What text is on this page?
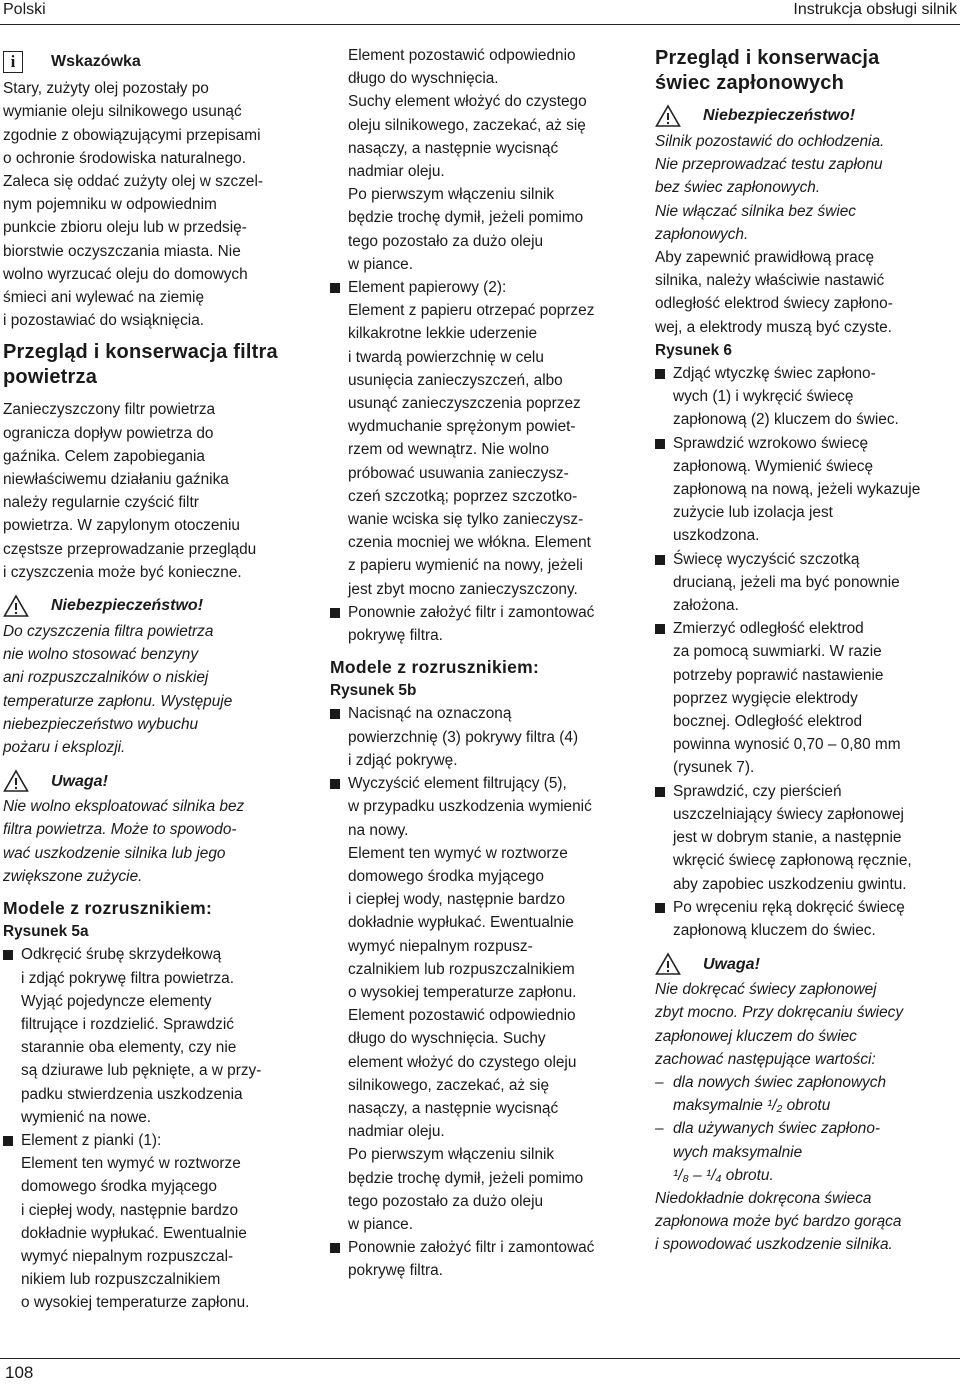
Polski	Instrukcja obsługi silnik
i	Wskazówka

Stary, zużyty olej pozostały po
wymianie oleju silnikowego usunąć
zgodnie z obowiązującymi przepisami
o ochronie środowiska naturalnego.
Zaleca się oddać zużyty olej w szczel-
nym pojemniku w odpowiednim
punkcie zbioru oleju lub w przedsię-
biorstwie oczyszczania miasta. Nie
wolno wyrzucać oleju do domowych
śmieci ani wylewać na ziemię
i pozostawiać do wsiąknięcia.

Przegląd i konserwacja filtra
powietrza

Zanieczyszczony filtr powietrza
ogranicza dopływ powietrza do
gaźnika. Celem zapobiegania
niewłaściwemu działaniu gaźnika
należy regularnie czyścić filtr
powietrza. W zapylonym otoczeniu
częstsze przeprowadzanie przeglądu
i czyszczenia może być konieczne.

Niebezpieczeństwo!

Do czyszczenia filtra powietrza
nie wolno stosować benzyny
ani rozpuszczalników o niskiej
temperaturze zapłonu. Występuje
niebezpieczeństwo wybuchu
pożaru i eksplozji.

Uwaga!

Nie wolno eksploatować silnika bez
filtra powietrza. Może to spowodo-
wać uszkodzenie silnika lub jego
zwiększone zużycie.

Modele z rozrusznikiem:

Rysunek 5a

Odkręcić śrubę skrzydełkową
i zdjąć pokrywę filtra powietrza.
Wyjąć pojedyncze elementy
filtrujące i rozdzielić. Sprawdzić
starannie oba elementy, czy nie
są dziurawe lub pęknięte, a w przy-
padku stwierdzenia uszkodzenia
wymienić na nowe.
Element z pianki (1):
Element ten wymyć w roztworze
domowego środka myjącego
i ciepłej wody, następnie bardzo
dokładnie wypłukać. Ewentualnie
wymyć niepalnym rozpuszczal-
nikiem lub rozpuszczalnikiem
o wysokiej temperaturze zapłonu.

Element pozostawić odpowiednio
długo do wyschnięcia.
Suchy element włożyć do czystego
oleju silnikowego, zaczekać, aż się
nasączy, a następnie wycisnąć
nadmiar oleju.
Po pierwszym włączeniu silnik
będzie trochę dymił, jeżeli pomimo
tego pozostało za dużo oleju
w piance.

Element papierowy (2):
Element z papieru otrzepać poprzez
kilkakrotne lekkie uderzenie
i twardą powierzchnię w celu
usunięcia zanieczyszczeń, albo
usunąć zanieczyszczenia poprzez
wydmuchanie sprężonym powiet-
rzem od wewnątrz. Nie wolno
próbować usuwania zanieczysz-
czeń szczotką; poprzez szczotko-
wanie wciska się tylko zanieczysz-
czenia mocniej we włókna. Element
z papieru wymienić na nowy, jeżeli
jest zbyt mocno zanieczyszczony.
Ponownie założyć filtr i zamontować
pokrywę filtra.
Modele z rozrusznikiem:

Rysunek 5b

Nacisnąć na oznaczoną
powierzchnię (3) pokrywy filtra (4)
i zdjąć pokrywę.
Wyczyścić element filtrujący (5),
w przypadku uszkodzenia wymienić
na nowy.
Element ten wymyć w roztworze
domowego środka myjącego
i ciepłej wody, następnie bardzo
dokładnie wypłukać. Ewentualnie
wymyć niepalnym rozpusz-
czalnikiem lub rozpuszczalnikiem
o wysokiej temperaturze zapłonu.
Element pozostawić odpowiednio
długo do wyschnięcia. Suchy
element włożyć do czystego oleju
silnikowego, zaczekać, aż się
nasączy, a następnie wycisnąć
nadmiar oleju.
Po pierwszym włączeniu silnik
będzie trochę dymił, jeżeli pomimo
tego pozostało za dużo oleju
w piance.
Ponownie założyć filtr i zamontować
pokrywę filtra.
Przegląd i konserwacja
świec zapłonowych
Niebezpieczeństwo!

Silnik pozostawić do ochłodzenia.
Nie przeprowadzać testu zapłonu
bez świec zapłonowych.
Nie włączać silnika bez świec
zapłonowych.

Aby zapewnić prawidłową pracę
silnika, należy właściwie nastawić
odległość elektrod świecy zapłono-
wej, a elektrody muszą być czyste.

Rysunek 6

Zdjąć wtyczkę świec zapłono-
wych (1) i wykręcić świecę
zapłonową (2) kluczem do świec.
Sprawdzić wzrokowo świecę
zapłonową. Wymienić świecę
zapłonową na nową, jeżeli wykazuje
zużycie lub izolacja jest
uszkodzona.
Świecę wyczyścić szczotką
drucianą, jeżeli ma być ponownie
założona.
Zmierzyć odległość elektrod
za pomocą suwmiarki. W razie
potrzeby poprawić nastawienie
poprzez wygięcie elektrody
bocznej. Odległość elektrod
powinna wynosić 0,70 – 0,80 mm
(rysunek 7).
Sprawdzić, czy pierścień
uszczelniający świecy zapłonowej
jest w dobrym stanie, a następnie
wkręcić świecę zapłonową ręcznie,
aby zapobiec uszkodzeniu gwintu.
Po wręceniu ręką dokręcić świecę
zapłonową kluczem do świec.
Uwaga!

Nie dokręcać świecy zapłonowej
zbyt mocno. Przy dokręcaniu świecy
zapłonowej kluczem do świec
zachować następujące wartości:

– dla nowych świec zapłonowych
maksymalnie ¹/₂ obrotu
– dla używanych świec zapłono-
wych maksymalnie
¹/₈ – ¹/₄ obrotu.

Niedokładnie dokręcona świeca
zapłonowa może być bardzo gorąca
i spowodować uszkodzenie silnika.

108
